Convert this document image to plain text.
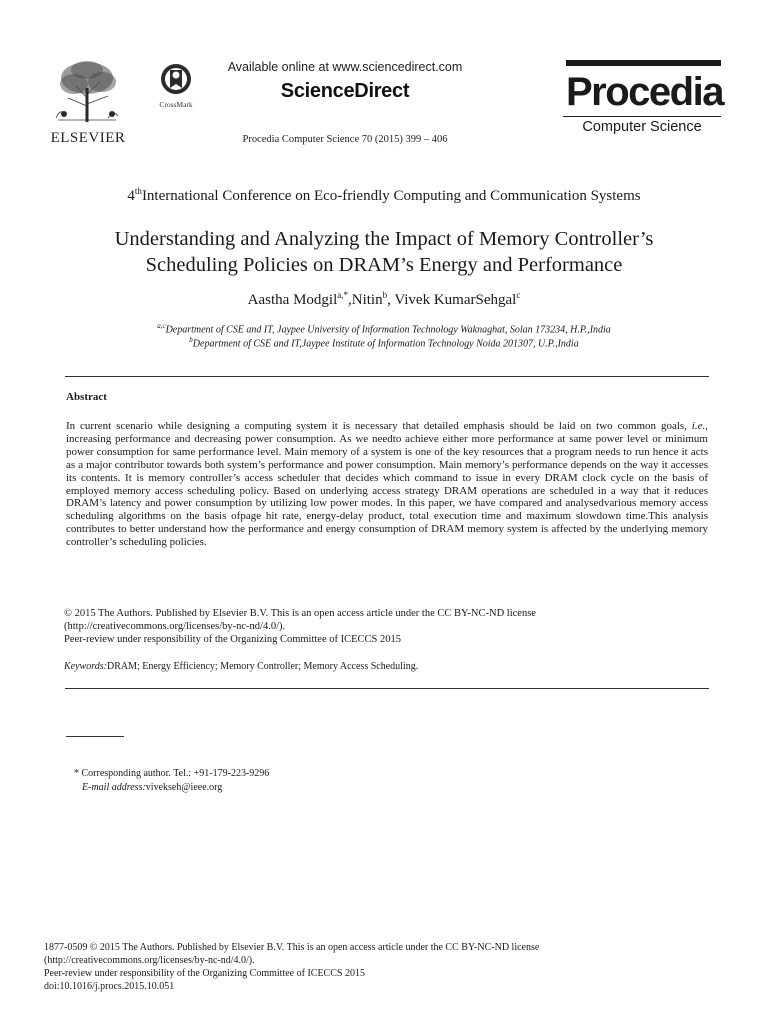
ELSEVIER
CrossMark
Available online at www.sciencedirect.com
ScienceDirect
Procedia Computer Science 70 (2015) 399 – 406
Procedia
Computer Science
4thInternational Conference on Eco-friendly Computing and Communication Systems
Understanding and Analyzing the Impact of Memory Controller’s
Scheduling Policies on DRAM’s Energy and Performance
Aastha Modgil$^{a,*}$,Nitin$^b$, Vivek KumarSehgal$^c$
$^{a,c}$Department of CSE and IT, Jaypee University of Information Technology Waknaghat, Solan 173234, H.P.,India
$^b$Department of CSE and IT,Jaypee Institute of Information Technology Noida 201307, U.P.,India
Abstract
In current scenario while designing a computing system it is necessary that detailed emphasis should be laid on two common goals, i.e., increasing performance and decreasing power consumption. As we needto achieve either more performance at same power level or minimum power consumption for same performance level. Main memory of a system is one of the key resources that a program needs to run hence it acts as a major contributor towards both system’s performance and power consumption. Main memory’s performance depends on the way it accesses its contents. It is memory controller’s access scheduler that decides which command to issue in every DRAM clock cycle on the basis of employed memory access scheduling policy. Based on underlying access strategy DRAM operations are scheduled in a way that it reduces DRAM’s latency and power consumption by utilizing low power modes. In this paper, we have compared and analysedvarious memory access scheduling algorithms on the basis ofpage hit rate, energy-delay product, total execution time and maximum slowdown time.This analysis contributes to better understand how the performance and energy consumption of DRAM memory system is affected by the underlying memory controller’s scheduling policies.
© 2015 The Authors. Published by Elsevier B.V. This is an open access article under the CC BY-NC-ND license
(http://creativecommons.org/licenses/by-nc-nd/4.0/).
Peer-review under responsibility of the Organizing Committee of ICECCS 2015
Keywords:DRAM; Energy Efficiency; Memory Controller; Memory Access Scheduling.
* Corresponding author. Tel.: +91-179-223-9296
E-mail address:vivekseh@ieee.org
1877-0509 © 2015 The Authors. Published by Elsevier B.V. This is an open access article under the CC BY-NC-ND license
(http://creativecommons.org/licenses/by-nc-nd/4.0/).
Peer-review under responsibility of the Organizing Committee of ICECCS 2015
doi:10.1016/j.procs.2015.10.051
